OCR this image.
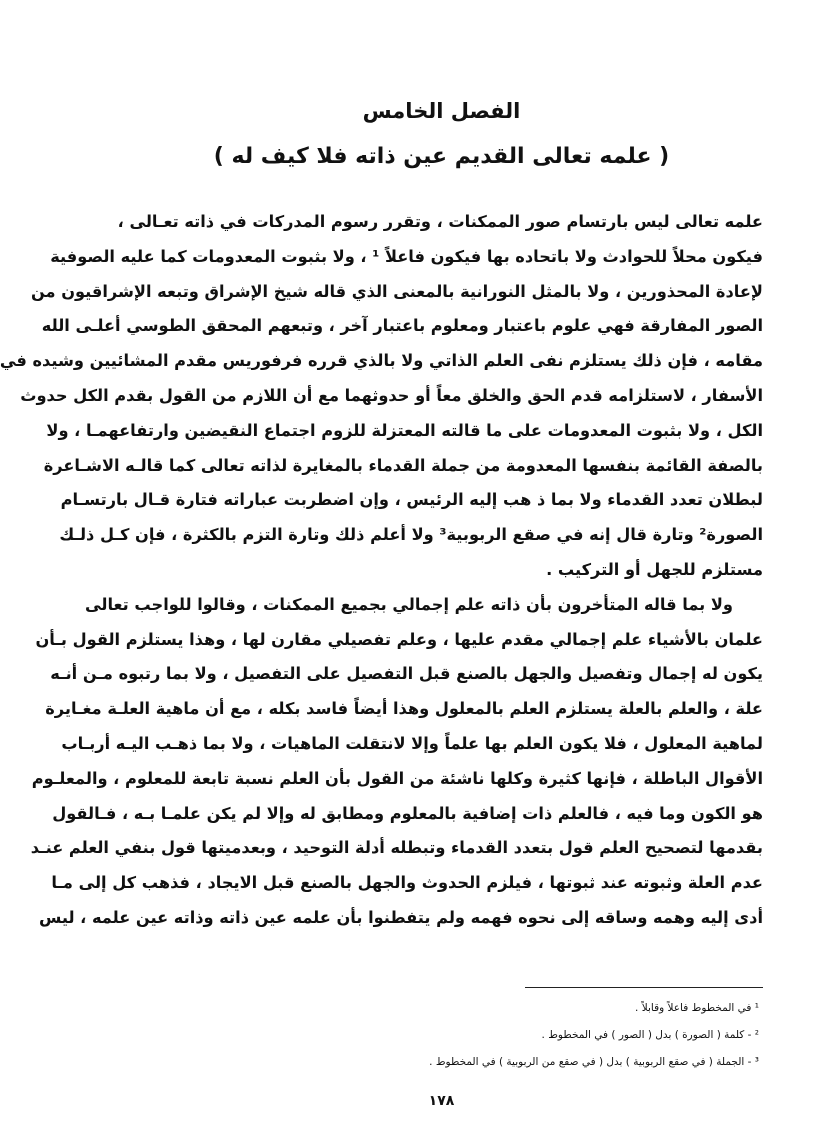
الفصل الخامس
( علمه تعالى القديم عين ذاته فلا كيف له )
علمه تعالى ليس بارتسام صور الممكنات ، وتقرر رسوم المدركات في ذاته تعـالى ،
فيكون محلاً للحوادث ولا باتحاده بها فيكون فاعلاً ¹ ، ولا بثبوت المعدومات كما عليه الصوفية
لإعادة المحذورين ، ولا بالمثل النورانية بالمعنى الذي قاله شيخ الإشراق وتبعه الإشراقيون من
الصور المفارقة فهي علوم باعتبار ومعلوم باعتبار آخر ، وتبعهم المحقق الطوسي أعلـى الله
مقامه ، فإن ذلك يستلزم نفى العلم الذاتي ولا بالذي قرره فرفوريس مقدم المشائيين وشيده في
الأسفار ، لاستلزامه قدم الحق والخلق معاً أو حدوثهما مع أن اللازم من القول بقدم الكل حدوث
الكل ، ولا بثبوت المعدومات على ما قالته المعتزلة للزوم اجتماع النقيضين وارتفاعهمـا ، ولا
بالصفة القائمة بنفسها المعدومة من جملة القدماء بالمغايرة لذاته تعالى كما قالـه الاشـاعرة
لبطلان تعدد القدماء ولا بما ذ هب إليه الرئيس ، وإن اضطربت عباراته فتارة قـال بارتسـام
الصورة² وتارة قال إنه في صقع الربوبية³ ولا أعلم ذلك وتارة التزم بالكثرة ، فإن كـل ذلـك
مستلزم للجهل أو التركيب .
ولا بما قاله المتأخرون بأن ذاته علم إجمالي بجميع الممكنات ، وقالوا للواجب تعالى
علمان بالأشياء علم إجمالي مقدم عليها ، وعلم تفصيلي مقارن لها ، وهذا يستلزم القول بـأن
يكون له إجمال وتفصيل والجهل بالصنع قبل التفصيل على التفصيل ، ولا بما رتبوه مـن أنـه
علة ، والعلم بالعلة يستلزم العلم بالمعلول وهذا أيضاً فاسد بكله ، مع أن ماهية العلـة مغـايرة
لماهية المعلول ، فلا يكون العلم بها علماً وإلا لانتقلت الماهيات ، ولا بما ذهـب اليـه أربـاب
الأقوال الباطلة ، فإنها كثيرة وكلها ناشئة من القول بأن العلم نسبة تابعة للمعلوم ، والمعلـوم
هو الكون وما فيه ، فالعلم ذات إضافية بالمعلوم ومطابق له وإلا لم يكن علمـا بـه ، فـالقول
بقدمها لتصحيح العلم قول بتعدد القدماء وتبطله أدلة التوحيد ، وبعدميتها قول بنفي العلم عنـد
عدم العلة وثبوته عند ثبوتها ، فيلزم الحدوث والجهل بالصنع قبل الايجاد ، فذهب كل إلى مـا
أدى إليه وهمه وساقه إلى نحوه فهمه ولم يتفطنوا بأن علمه عين ذاته وذاته عين علمه ، ليس
¹ في المخطوط فاعلاً وقابلاً .
² - كلمة ( الصورة ) بدل ( الصور ) في المخطوط .
³ - الجملة ( في صقع الربوبية ) بدل ( في صقع من الربوبية ) في المخطوط .
١٧٨
